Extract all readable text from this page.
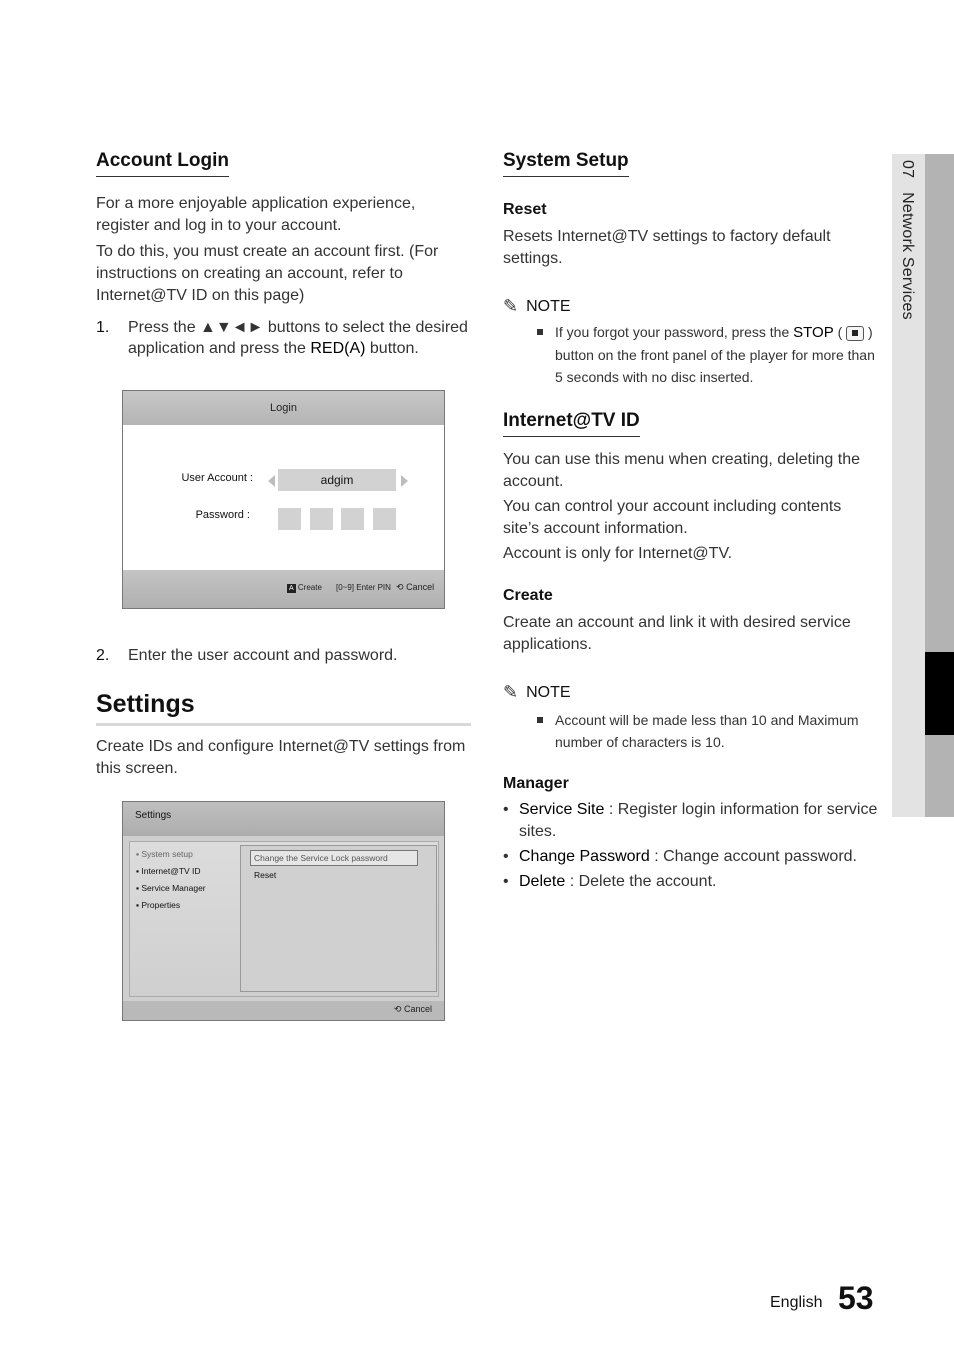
07   Network Services
Account Login

For a more enjoyable application experience, register and log in to your account.

To do this, you must create an account first. (For instructions on creating an account, refer to Internet@TV ID on this page)

1.	Press the ▲▼◄► buttons to select the desired application and press the RED(A) button.
Login
User Account :	adgim
Password :
A Create [0~9] Enter PIN ⟲ Cancel
2.	Enter the user account and password.
Settings

Create IDs and configure Internet@TV settings from this screen.

Settings
▪ System setup
▪ Internet@TV ID
▪ Service Manager
▪ Properties
Change the Service Lock password
Reset
⟲ Cancel
System Setup

Reset

Resets Internet@TV settings to factory default settings.

✎ NOTE
If you forgot your password, press the STOP (  ) button on the front panel of the player for more than 5 seconds with no disc inserted.
Internet@TV ID

You can use this menu when creating, deleting the account.

You can control your account including contents site’s account information.

Account is only for Internet@TV.

Create

Create an account and link it with desired service applications.

✎ NOTE
Account will be made less than 10 and Maximum number of characters is 10.

Manager

• Service Site : Register login information for service sites.
• Change Password : Change account password.
• Delete : Delete the account.
English 53
